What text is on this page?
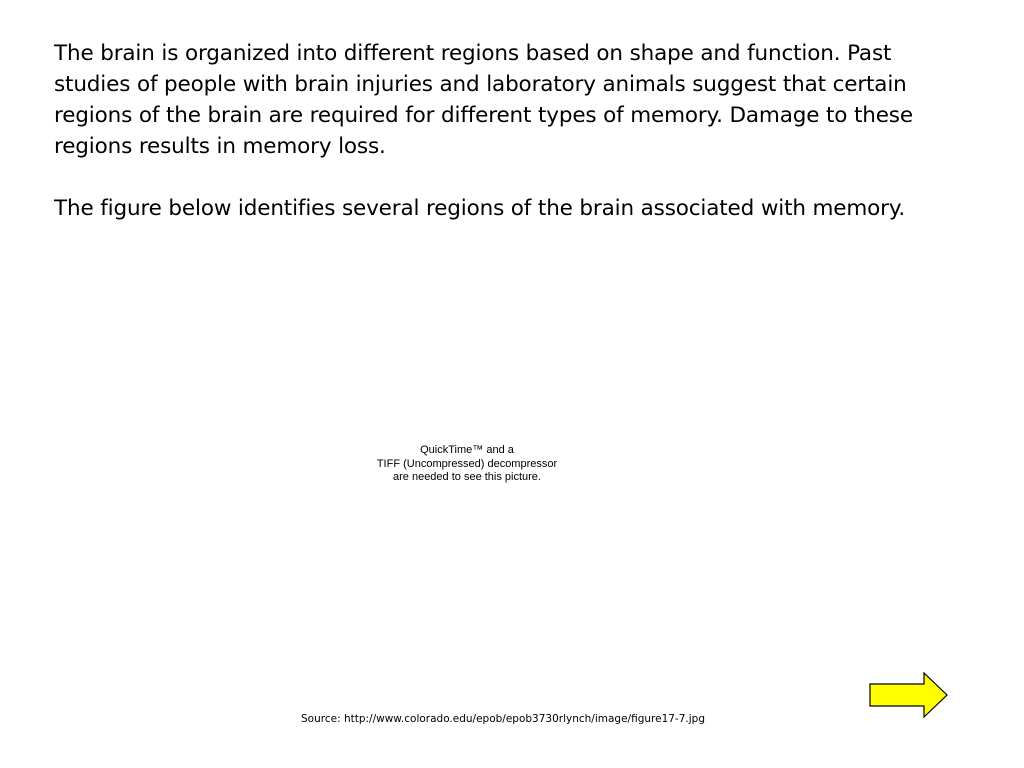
The brain is organized into different regions based on shape and function. Past studies of people with brain injuries and laboratory animals suggest that certain regions of the brain are required for different types of memory. Damage to these regions results in memory loss.

The figure below identifies several regions of the brain associated with memory.

QuickTime™ and a
TIFF (Uncompressed) decompressor
are needed to see this picture.
Source: http://www.colorado.edu/epob/epob3730rlynch/image/figure17-7.jpg
